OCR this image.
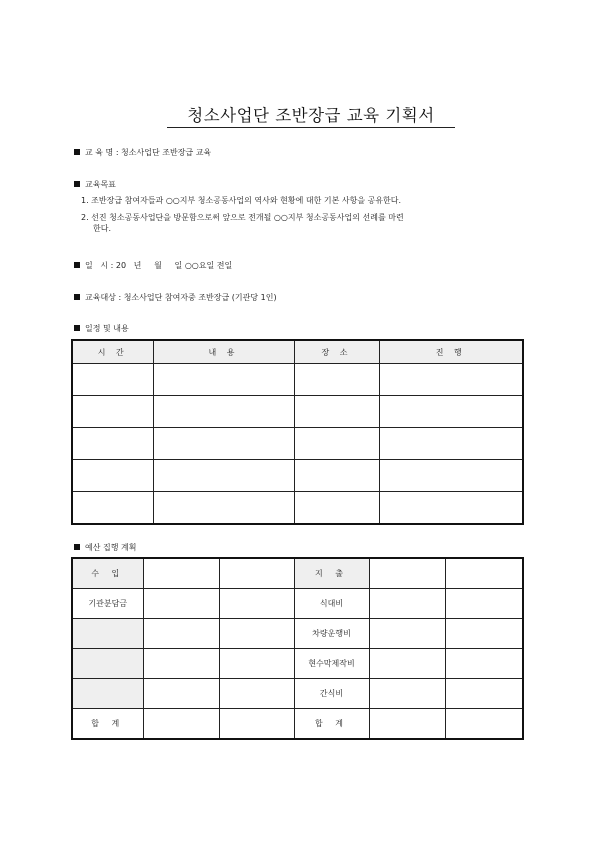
청소사업단 조반장급 교육 기획서
교 육 명 : 청소사업단 조반장급 교육
교육목표
1. 조반장급 참여자들과 ○○지부 청소공동사업의 역사와 현황에 대한 기본 사항을 공유한다.
2. 선진 청소공동사업단을 방문함으로써 앞으로 전개될 ○○지부 청소공동사업의 선례를 마련
한다.
일   시 : 20   년     월     일 ○○요일 전일
교육대상 : 청소사업단 참여자중 조반장급 (기관당 1인)
일정 및 내용
시 간	내 용	장 소	진 행

예산 집행 계획
수 입			지 출		
기관분담금			식대비		
			차량운행비		
			현수막제작비		
			간식비		
합 계			합 계		
